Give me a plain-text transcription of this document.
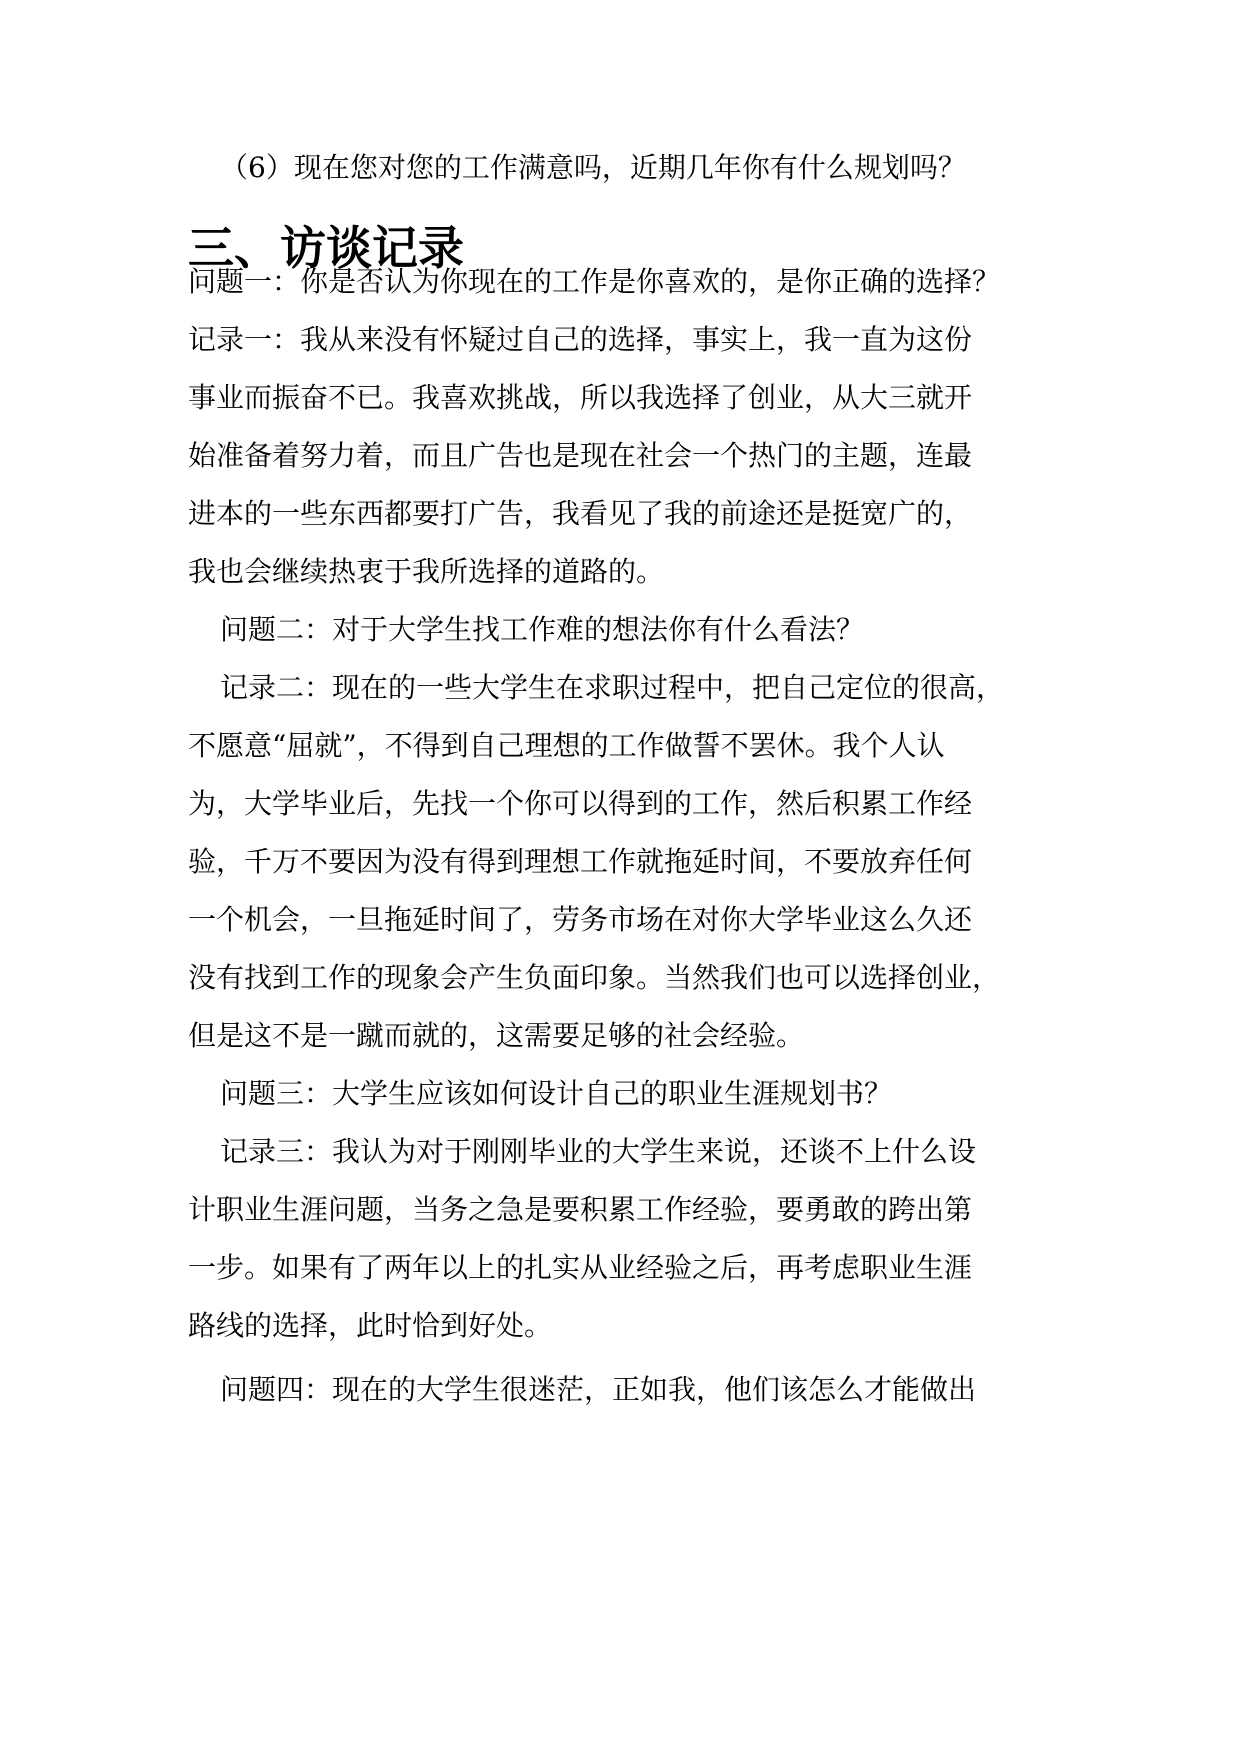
（6）现在您对您的工作满意吗，近期几年你有什么规划吗？
三、访谈记录
问题一：你是否认为你现在的工作是你喜欢的，是你正确的选择？
记录一：我从来没有怀疑过自己的选择，事实上，我一直为这份
事业而振奋不已。我喜欢挑战，所以我选择了创业，从大三就开
始准备着努力着，而且广告也是现在社会一个热门的主题，连最
进本的一些东西都要打广告，我看见了我的前途还是挺宽广的，
我也会继续热衷于我所选择的道路的。
问题二：对于大学生找工作难的想法你有什么看法？
记录二：现在的一些大学生在求职过程中，把自己定位的很高，
不愿意“屈就”，不得到自己理想的工作做誓不罢休。我个人认
为，大学毕业后，先找一个你可以得到的工作，然后积累工作经
验，千万不要因为没有得到理想工作就拖延时间，不要放弃任何
一个机会，一旦拖延时间了，劳务市场在对你大学毕业这么久还
没有找到工作的现象会产生负面印象。当然我们也可以选择创业，
但是这不是一蹴而就的，这需要足够的社会经验。
问题三：大学生应该如何设计自己的职业生涯规划书？
记录三：我认为对于刚刚毕业的大学生来说，还谈不上什么设
计职业生涯问题，当务之急是要积累工作经验，要勇敢的跨出第
一步。如果有了两年以上的扎实从业经验之后，再考虑职业生涯
路线的选择，此时恰到好处。
问题四：现在的大学生很迷茫，正如我，他们该怎么才能做出
